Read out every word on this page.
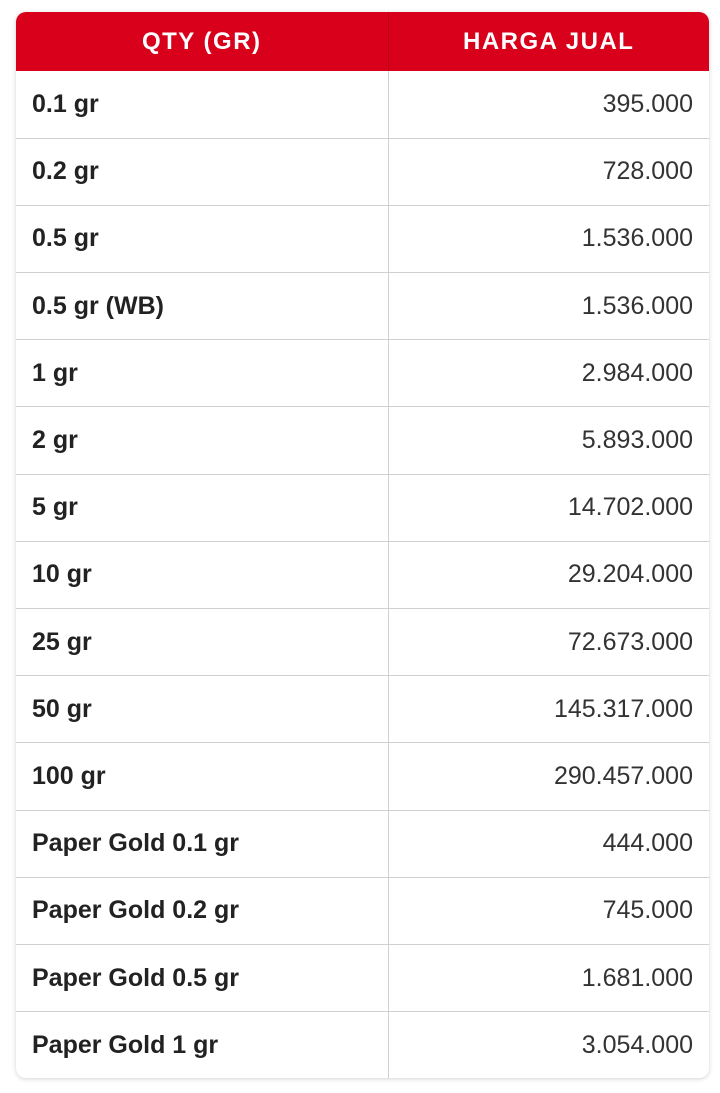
QTY (GR)	HARGA JUAL
0.1 gr	395.000
0.2 gr	728.000
0.5 gr	1.536.000
0.5 gr (WB)	1.536.000
1 gr	2.984.000
2 gr	5.893.000
5 gr	14.702.000
10 gr	29.204.000
25 gr	72.673.000
50 gr	145.317.000
100 gr	290.457.000
Paper Gold 0.1 gr	444.000
Paper Gold 0.2 gr	745.000
Paper Gold 0.5 gr	1.681.000
Paper Gold 1 gr	3.054.000
